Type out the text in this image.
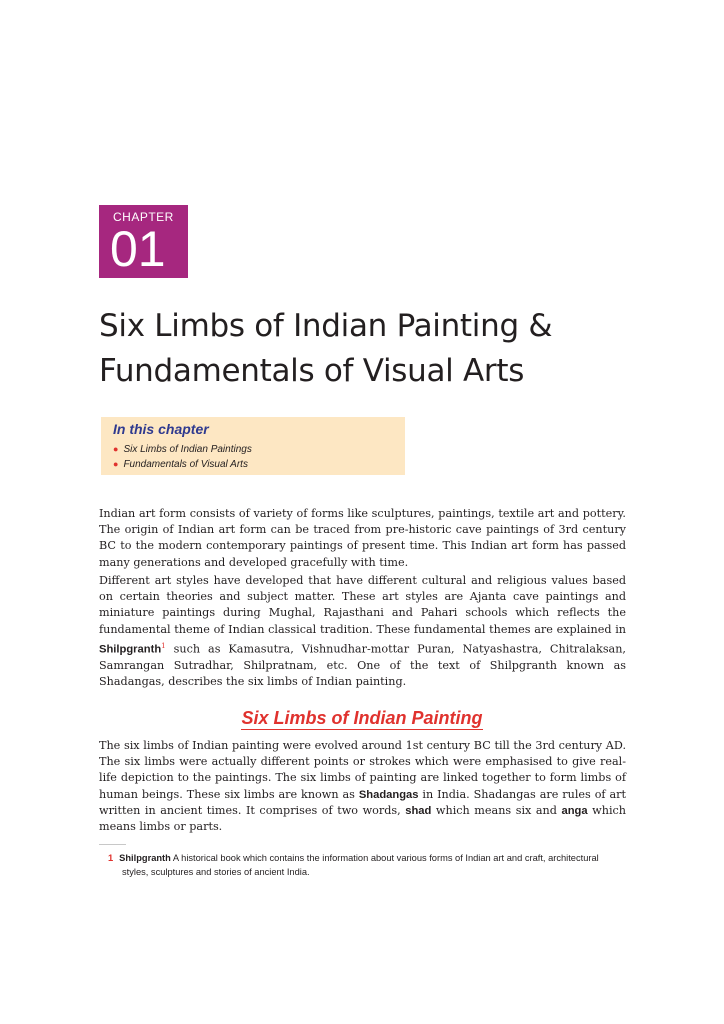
CHAPTER
01
Six Limbs of Indian Painting &
Fundamentals of Visual Arts
In this chapter
● Six Limbs of Indian Paintings
● Fundamentals of Visual Arts

Indian art form consists of variety of forms like sculptures, paintings, textile art and pottery. The origin of Indian art form can be traced from pre-historic cave paintings of 3rd century BC to the modern contemporary paintings of present time. This Indian art form has passed many generations and developed gracefully with time.

Different art styles have developed that have different cultural and religious values based on certain theories and subject matter. These art styles are Ajanta cave paintings and miniature paintings during Mughal, Rajasthani and Pahari schools which reflects the fundamental theme of Indian classical tradition. These fundamental themes are explained in Shilpgranth$^1$ such as Kamasutra, Vishnudhar-mottar Puran, Natyashastra, Chitralaksan, Samrangan Sutradhar, Shilpratnam, etc. One of the text of Shilpgranth known as Shadangas, describes the six limbs of Indian painting.

Six Limbs of Indian Painting

The six limbs of Indian painting were evolved around 1st century BC till the 3rd century AD. The six limbs were actually different points or strokes which were emphasised to give real-life depiction to the paintings. The six limbs of painting are linked together to form limbs of human beings. These six limbs are known as Shadangas in India. Shadangas are rules of art written in ancient times. It comprises of two words, shad which means six and anga which means limbs or parts.

1 Shilpgranth A historical book which contains the information about various forms of Indian art and craft, architectural styles, sculptures and stories of ancient India.
